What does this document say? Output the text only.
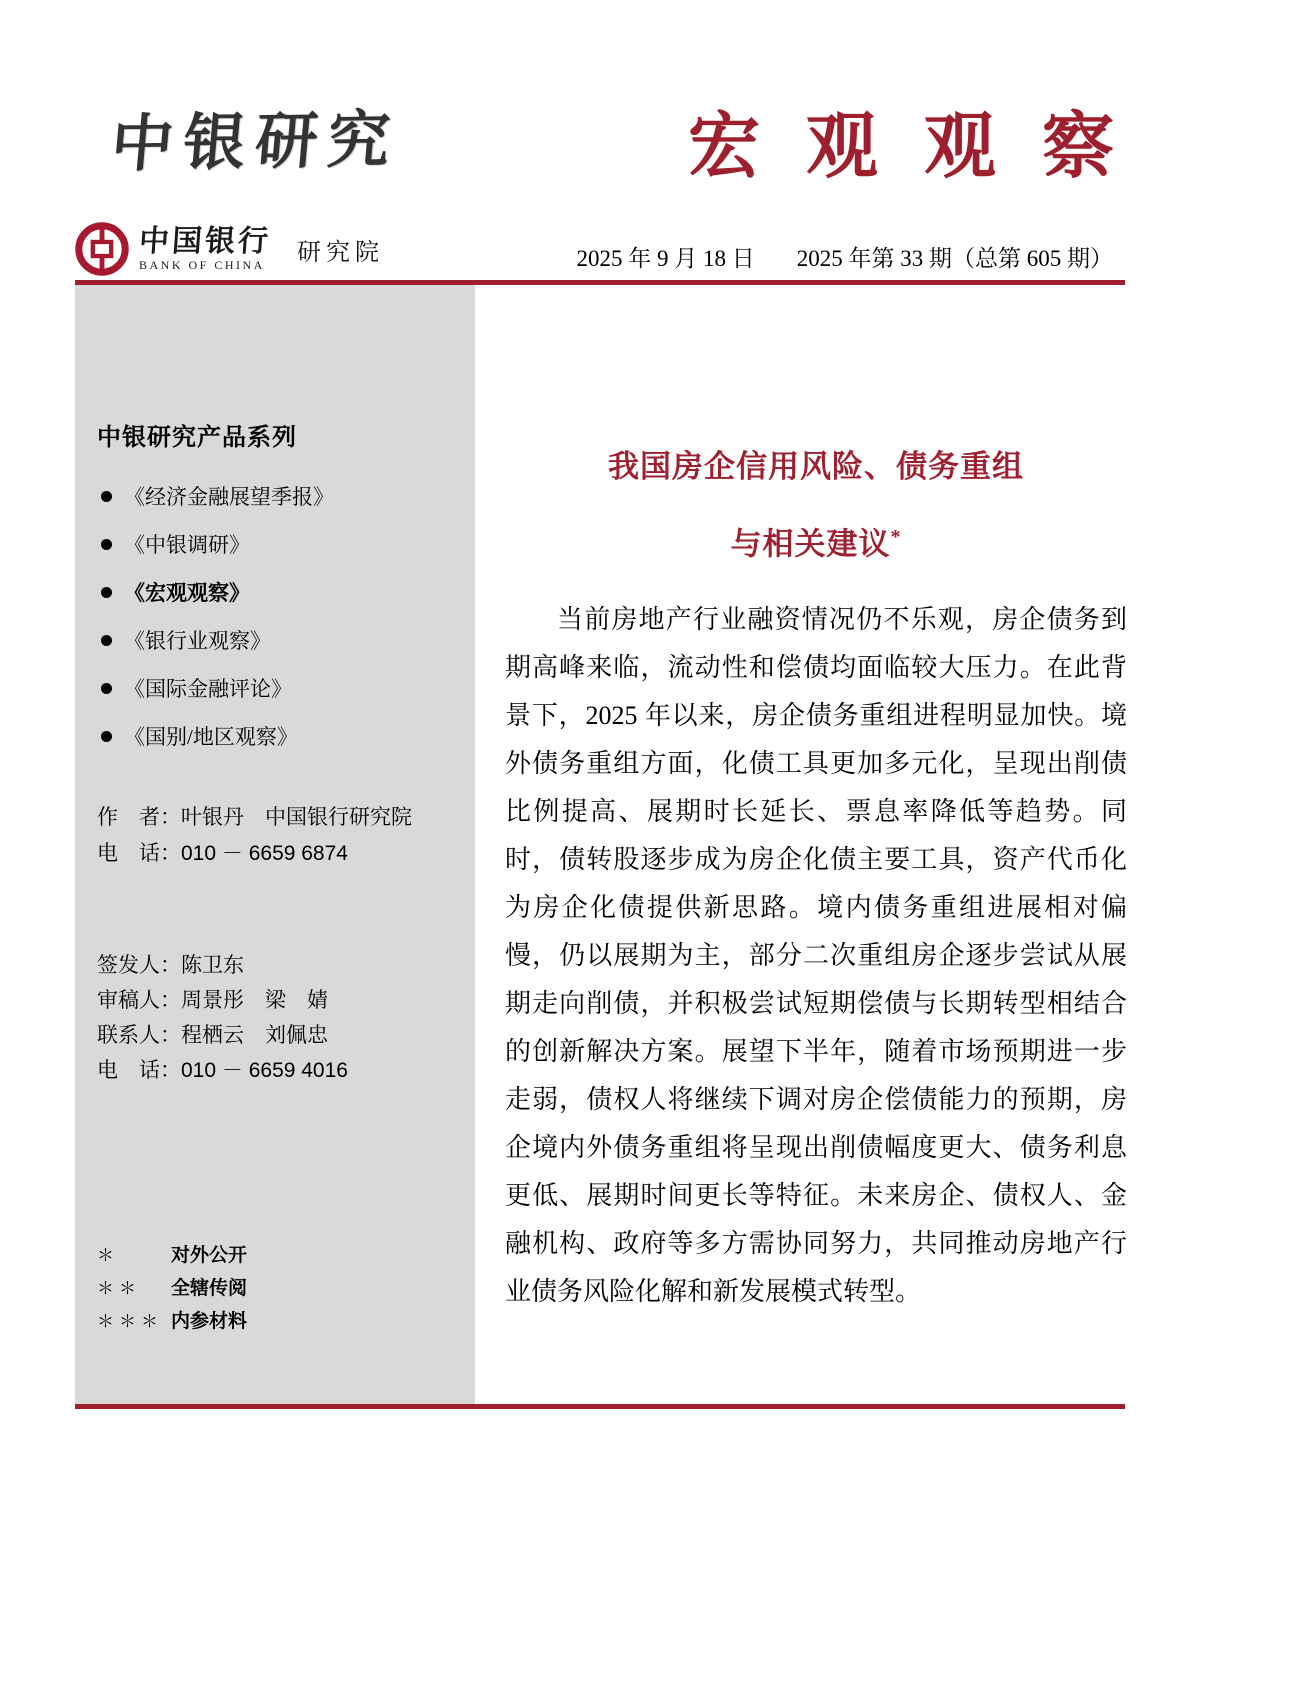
中银研究	宏 观 观 察
中国银行
BANK OF CHINA 研究院	2025 年 9 月 18 日 2025 年第 33 期（总第 605 期）
中银研究产品系列
《经济金融展望季报》
《中银调研》
《宏观观察》
《银行业观察》
《国际金融评论》
《国别/地区观察》
作　者：叶银丹　中国银行研究院
电　话：010 － 6659 6874
签发人：陈卫东
审稿人：周景彤　梁　婧
联系人：程栖云　刘佩忠
电　话：010 － 6659 4016
＊	对外公开
＊＊	全辖传阅
＊＊＊ 内参材料
我国房企信用风险、债务重组
与相关建议*

当前房地产行业融资情况仍不乐观，房企债务到期高峰来临，流动性和偿债均面临较大压力。在此背景下，2025 年以来，房企债务重组进程明显加快。境外债务重组方面，化债工具更加多元化，呈现出削债比例提高、展期时长延长、票息率降低等趋势。同时，债转股逐步成为房企化债主要工具，资产代币化为房企化债提供新思路。境内债务重组进展相对偏慢，仍以展期为主，部分二次重组房企逐步尝试从展期走向削债，并积极尝试短期偿债与长期转型相结合的创新解决方案。展望下半年，随着市场预期进一步走弱，债权人将继续下调对房企偿债能力的预期，房企境内外债务重组将呈现出削债幅度更大、债务利息更低、展期时间更长等特征。未来房企、债权人、金融机构、政府等多方需协同努力，共同推动房地产行业债务风险化解和新发展模式转型。
